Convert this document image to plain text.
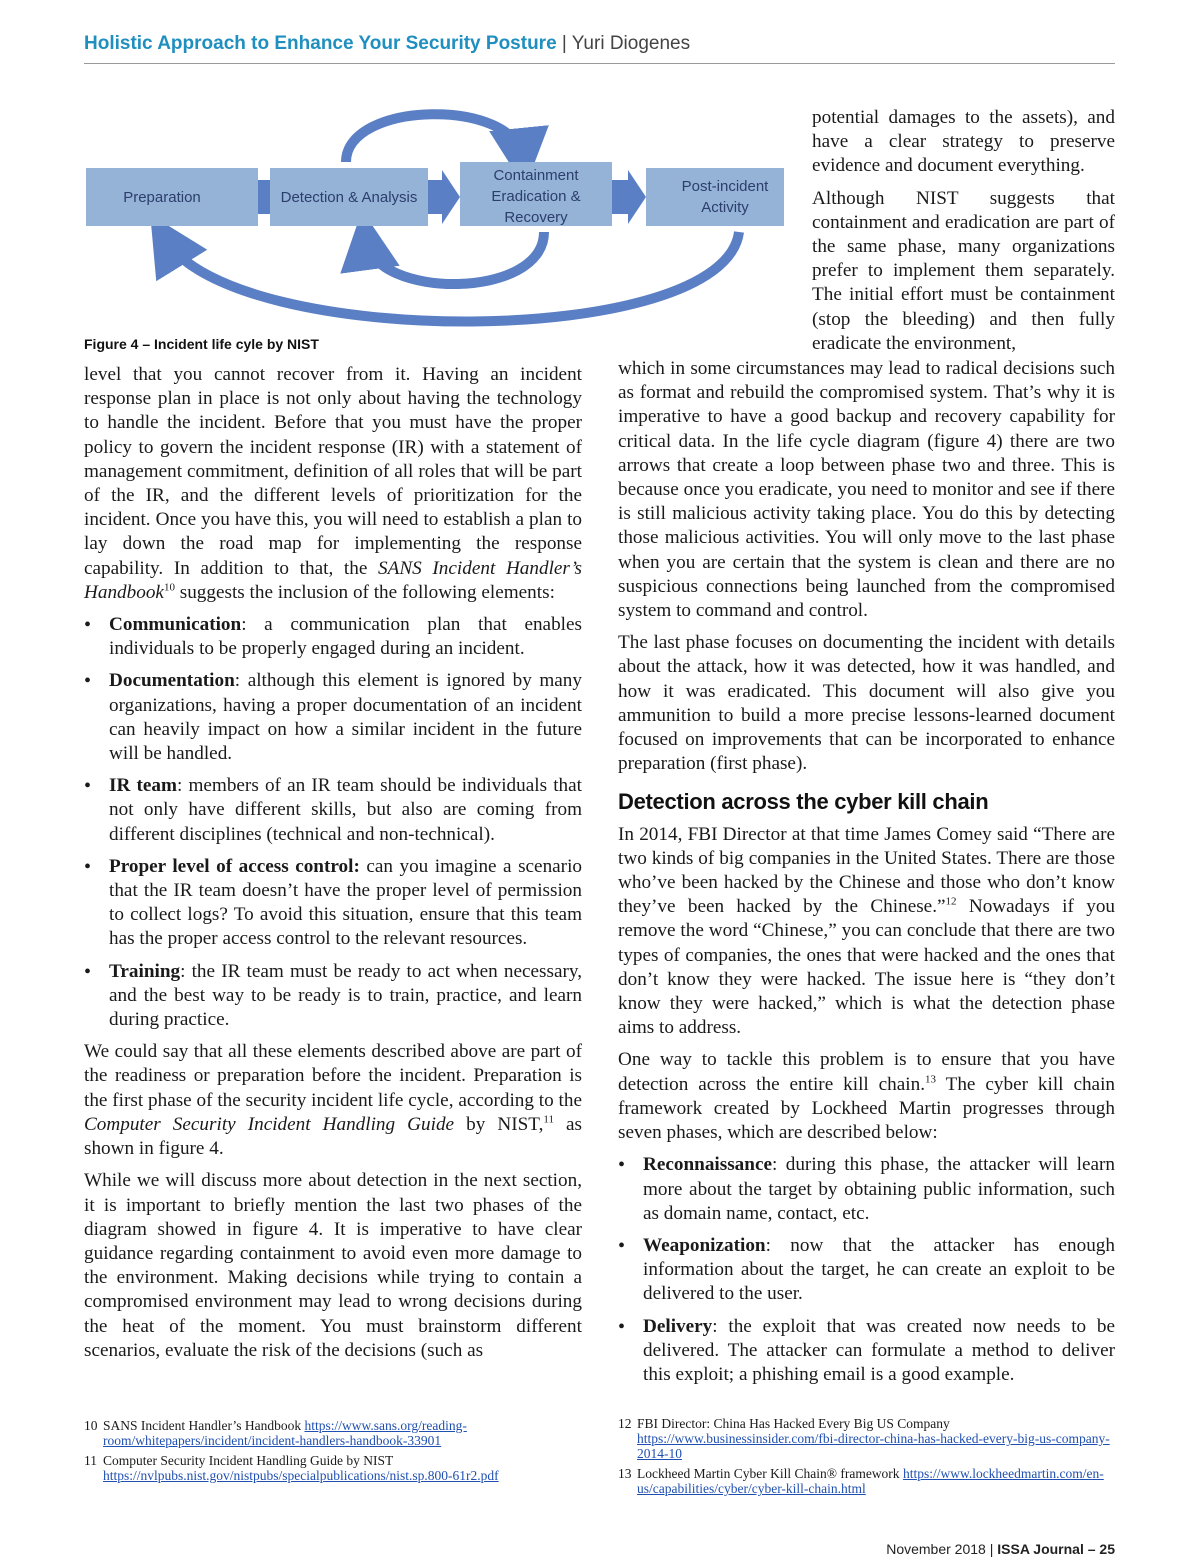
Holistic Approach to Enhance Your Security Posture | Yuri Diogenes
Preparation	Detection & Analysis
Containment
Eradication &
Recovery
Post-incident
Activity
Figure 4 – Incident life cyle by NIST

potential damages to the assets), and have a clear strategy to preserve evidence and document everything.

Although NIST suggests that containment and eradication are part of the same phase, many organizations prefer to implement them separately. The initial effort must be containment (stop the bleeding) and then fully eradicate the environment,

which in some circumstances may lead to radical decisions such as format and rebuild the compromised system. That’s why it is imperative to have a good backup and recovery capability for critical data. In the life cycle diagram (figure 4) there are two arrows that create a loop between phase two and three. This is because once you eradicate, you need to monitor and see if there is still malicious activity taking place. You do this by detecting those malicious activities. You will only move to the last phase when you are certain that the system is clean and there are no suspicious connections being launched from the compromised system to command and control.

The last phase focuses on documenting the incident with details about the attack, how it was detected, how it was handled, and how it was eradicated. This document will also give you ammunition to build a more precise lessons-learned document focused on improvements that can be incorporated to enhance preparation (first phase).

Detection across the cyber kill chain

In 2014, FBI Director at that time James Comey said “There are two kinds of big companies in the United States. There are those who’ve been hacked by the Chinese and those who don’t know they’ve been hacked by the Chinese.”$^{12}$ Nowadays if you remove the word “Chinese,” you can conclude that there are two types of companies, the ones that were hacked and the ones that don’t know they were hacked. The issue here is “they don’t know they were hacked,” which is what the detection phase aims to address.

One way to tackle this problem is to ensure that you have detection across the entire kill chain.$^{13}$ The cyber kill chain framework created by Lockheed Martin progresses through seven phases, which are described below:

• Reconnaissance: during this phase, the attacker will learn more about the target by obtaining public information, such as domain name, contact, etc.
• Weaponization: now that the attacker has enough information about the target, he can create an exploit to be delivered to the user.
• Delivery: the exploit that was created now needs to be delivered. The attacker can formulate a method to deliver this exploit; a phishing email is a good example.

level that you cannot recover from it. Having an incident response plan in place is not only about having the technology to handle the incident. Before that you must have the proper policy to govern the incident response (IR) with a statement of management commitment, definition of all roles that will be part of the IR, and the different levels of prioritization for the incident. Once you have this, you will need to establish a plan to lay down the road map for implementing the response capability. In addition to that, the SANS Incident Handler’s Handbook$^{10}$ suggests the inclusion of the following elements:

• Communication: a communication plan that enables individuals to be properly engaged during an incident.
• Documentation: although this element is ignored by many organizations, having a proper documentation of an incident can heavily impact on how a similar incident in the future will be handled.
• IR team: members of an IR team should be individuals that not only have different skills, but also are coming from different disciplines (technical and non-technical).
• Proper level of access control: can you imagine a scenario that the IR team doesn’t have the proper level of permission to collect logs? To avoid this situation, ensure that this team has the proper access control to the relevant resources.
• Training: the IR team must be ready to act when necessary, and the best way to be ready is to train, practice, and learn during practice.

We could say that all these elements described above are part of the readiness or preparation before the incident. Preparation is the first phase of the security incident life cycle, according to the Computer Security Incident Handling Guide by NIST,$^{11}$ as shown in figure 4.

While we will discuss more about detection in the next section, it is important to briefly mention the last two phases of the diagram showed in figure 4. It is imperative to have clear guidance regarding containment to avoid even more damage to the environment. Making decisions while trying to contain a compromised environment may lead to wrong decisions during the heat of the moment. You must brainstorm different scenarios, evaluate the risk of the decisions (such as

10 SANS Incident Handler’s Handbook https://www.sans.org/reading-room/whitepapers/incident/incident-handlers-handbook-33901
11 Computer Security Incident Handling Guide by NIST https://nvlpubs.nist.gov/nistpubs/specialpublications/nist.sp.800-61r2.pdf
12 FBI Director: China Has Hacked Every Big US Company https://www.businessinsider.com/fbi-director-china-has-hacked-every-big-us-company-2014-10
13 Lockheed Martin Cyber Kill Chain® framework https://www.lockheedmartin.com/en-us/capabilities/cyber/cyber-kill-chain.html
November 2018 | ISSA Journal – 25
